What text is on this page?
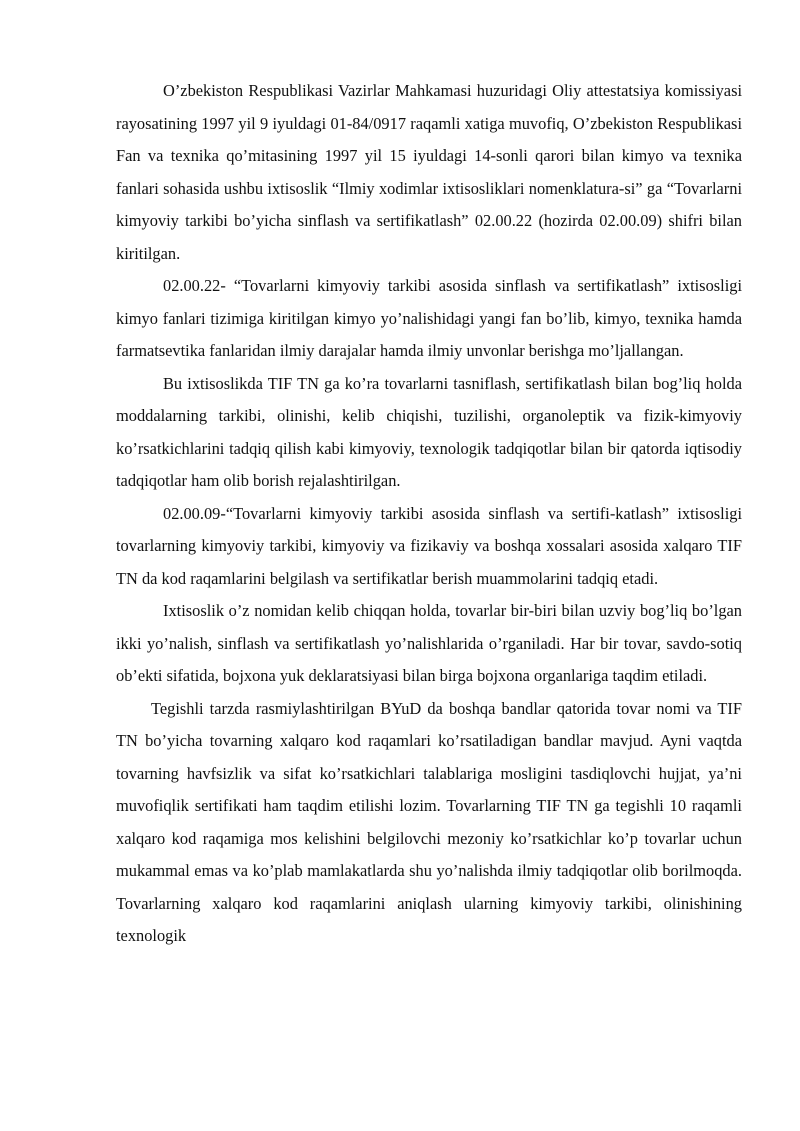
O’zbekiston Respublikasi Vazirlar Mahkamasi huzuridagi Oliy attestatsiya komissiyasi rayosatining 1997 yil 9 iyuldagi 01-84/0917 raqamli xatiga muvofiq, O’zbekiston Respublikasi Fan va texnika qo’mitasining 1997 yil 15 iyuldagi 14-sonli qarori bilan kimyo va texnika fanlari sohasida ushbu ixtisoslik “Ilmiy xodimlar ixtisosliklari nomenklatura-si” ga “Tovarlarni kimyoviy tarkibi bo’yicha sinflash va sertifikatlash” 02.00.22 (hozirda 02.00.09) shifri bilan kiritilgan.

02.00.22- “Tovarlarni kimyoviy tarkibi asosida sinflash va sertifikatlash” ixtisosligi kimyo fanlari tizimiga kiritilgan kimyo yo’nalishidagi yangi fan bo’lib, kimyo, texnika hamda farmatsevtika fanlaridan ilmiy darajalar hamda ilmiy unvonlar berishga mo’ljallangan.

Bu ixtisoslikda TIF TN ga ko’ra tovarlarni tasniflash, sertifikatlash bilan bog’liq holda moddalarning tarkibi, olinishi, kelib chiqishi, tuzilishi, organoleptik va fizik-kimyoviy ko’rsatkichlarini tadqiq qilish kabi kimyoviy, texnologik tadqiqotlar bilan bir qatorda iqtisodiy tadqiqotlar ham olib borish rejalashtirilgan.

02.00.09-“Tovarlarni kimyoviy tarkibi asosida sinflash va sertifi-katlash” ixtisosligi tovarlarning kimyoviy tarkibi, kimyoviy va fizikaviy va boshqa xossalari asosida xalqaro TIF TN da kod raqamlarini belgilash va sertifikatlar berish muammolarini tadqiq etadi.

Ixtisoslik o’z nomidan kelib chiqqan holda, tovarlar bir-biri bilan uzviy bog’liq bo’lgan ikki yo’nalish, sinflash va sertifikatlash yo’nalishlarida o’rganiladi. Har bir tovar, savdo-sotiq ob’ekti sifatida, bojxona yuk deklaratsiyasi bilan birga bojxona organlariga taqdim etiladi.

Tegishli tarzda rasmiylashtirilgan BYuD da boshqa bandlar qatorida tovar nomi va TIF TN bo’yicha tovarning xalqaro kod raqamlari ko’rsatiladigan bandlar mavjud. Ayni vaqtda tovarning havfsizlik va sifat ko’rsatkichlari talablariga mosligini tasdiqlovchi hujjat, ya’ni muvofiqlik sertifikati ham taqdim etilishi lozim. Tovarlarning TIF TN ga tegishli 10 raqamli xalqaro kod raqamiga mos kelishini belgilovchi mezoniy ko’rsatkichlar ko’p tovarlar uchun mukammal emas va ko’plab mamlakatlarda shu yo’nalishda ilmiy tadqiqotlar olib borilmoqda. Tovarlarning xalqaro kod raqamlarini aniqlash ularning kimyoviy tarkibi, olinishining texnologik
